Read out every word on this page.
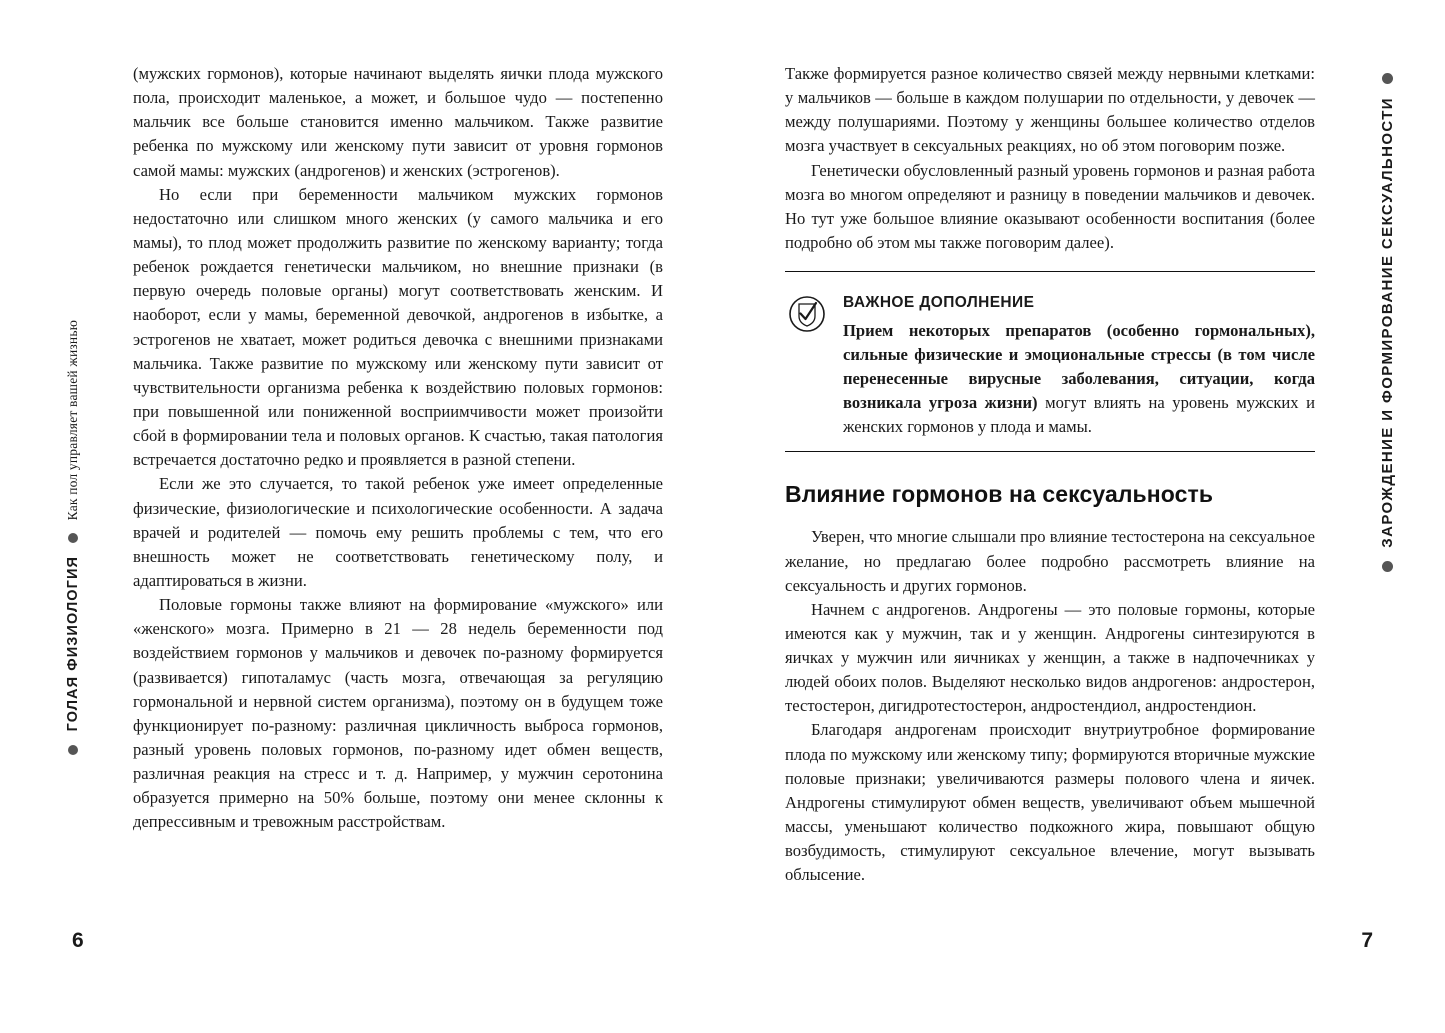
Как пол управляет вашей жизнью
ГОЛАЯ ФИЗИОЛОГИЯ

(мужских гормонов), которые начинают выделять яички плода мужского пола, происходит маленькое, а может, и большое чудо — постепенно мальчик все больше становится именно мальчиком. Также развитие ребенка по мужскому или женскому пути зависит от уровня гормонов самой мамы: мужских (андрогенов) и женских (эстрогенов).

Но если при беременности мальчиком мужских гормонов недостаточно или слишком много женских (у самого мальчика и его мамы), то плод может продолжить развитие по женскому варианту; тогда ребенок рождается генетически мальчиком, но внешние признаки (в первую очередь половые органы) могут соответствовать женским. И наоборот, если у мамы, беременной девочкой, андрогенов в избытке, а эстрогенов не хватает, может родиться девочка с внешними признаками мальчика. Также развитие по мужскому или женскому пути зависит от чувствительности организма ребенка к воздействию половых гормонов: при повышенной или пониженной восприимчивости может произойти сбой в формировании тела и половых органов. К счастью, такая патология встречается достаточно редко и проявляется в разной степени.

Если же это случается, то такой ребенок уже имеет определенные физические, физиологические и психологические особенности. А задача врачей и родителей — помочь ему решить проблемы с тем, что его внешность может не соответствовать генетическому полу, и адаптироваться в жизни.

Половые гормоны также влияют на формирование «мужского» или «женского» мозга. Примерно в 21 — 28 недель беременности под воздействием гормонов у мальчиков и девочек по-разному формируется (развивается) гипоталамус (часть мозга, отвечающая за регуляцию гормональной и нервной систем организма), поэтому он в будущем тоже функционирует по-разному: различная цикличность выброса гормонов, разный уровень половых гормонов, по-разному идет обмен веществ, различная реакция на стресс и т. д. Например, у мужчин серотонина образуется примерно на 50% больше, поэтому они менее склонны к депрессивным и тревожным расстройствам.

6
ЗАРОЖДЕНИЕ И ФОРМИРОВАНИЕ СЕКСУАЛЬНОСТИ
7

Также формируется разное количество связей между нервными клетками: у мальчиков — больше в каждом полушарии по отдельности, у девочек — между полушариями. Поэтому у женщины большее количество отделов мозга участвует в сексуальных реакциях, но об этом поговорим позже.

Генетически обусловленный разный уровень гормонов и разная работа мозга во многом определяют и разницу в поведении мальчиков и девочек. Но тут уже большое влияние оказывают особенности воспитания (более подробно об этом мы также поговорим далее).

ВАЖНОЕ ДОПОЛНЕНИЕ
Прием некоторых препаратов (особенно гормональных), сильные физические и эмоциональные стрессы (в том числе перенесенные вирусные заболевания, ситуации, когда возникала угроза жизни) могут влиять на уровень мужских и женских гормонов у плода и мамы.
Влияние гормонов на сексуальность

Уверен, что многие слышали про влияние тестостерона на сексуальное желание, но предлагаю более подробно рассмотреть влияние на сексуальность и других гормонов.

Начнем с андрогенов. Андрогены — это половые гормоны, которые имеются как у мужчин, так и у женщин. Андрогены синтезируются в яичках у мужчин или яичниках у женщин, а также в надпочечниках у людей обоих полов. Выделяют несколько видов андрогенов: андростерон, тестостерон, дигидротестостерон, андростендиол, андростендион.

Благодаря андрогенам происходит внутриутробное формирование плода по мужскому или женскому типу; формируются вторичные мужские половые признаки; увеличиваются размеры полового члена и яичек. Андрогены стимулируют обмен веществ, увеличивают объем мышечной массы, уменьшают количество подкожного жира, повышают общую возбудимость, стимулируют сексуальное влечение, могут вызывать облысение.
